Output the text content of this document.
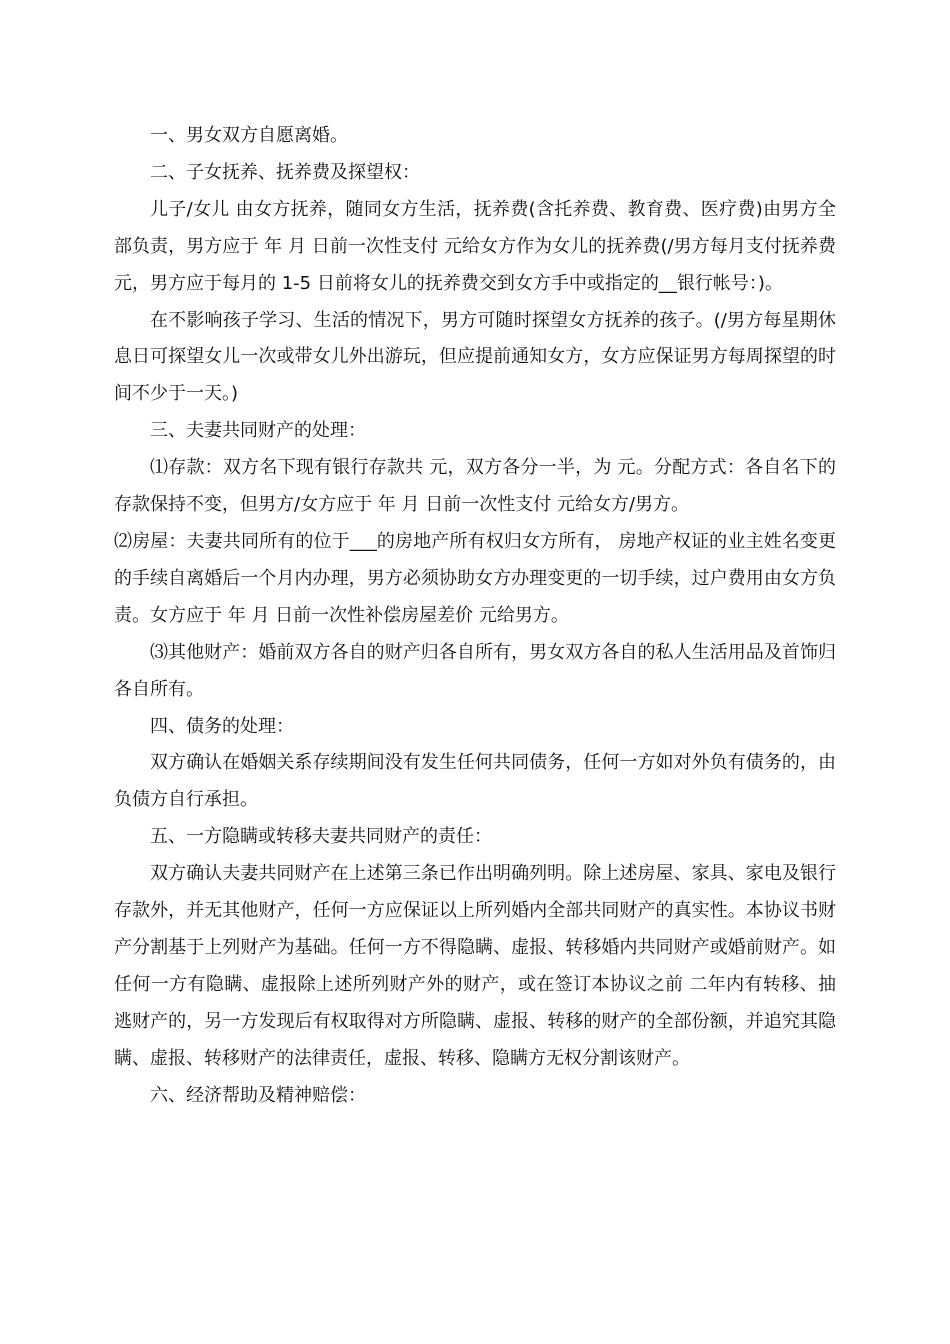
一、男女双方自愿离婚。

二、子女抚养、抚养费及探望权：

儿子/女儿 由女方抚养，随同女方生活，抚养费(含托养费、教育费、医疗费)由男方全部负责，男方应于 年 月 日前一次性支付 元给女方作为女儿的抚养费(/男方每月支付抚养费 元，男方应于每月的 1-5 日前将女儿的抚养费交到女方手中或指定的__银行帐号：)。

在不影响孩子学习、生活的情况下，男方可随时探望女方抚养的孩子。(/男方每星期休息日可探望女儿一次或带女儿外出游玩，但应提前通知女方，女方应保证男方每周探望的时间不少于一天。)

三、夫妻共同财产的处理：

⑴存款：双方名下现有银行存款共 元，双方各分一半，为 元。分配方式：各自名下的存款保持不变，但男方/女方应于 年 月 日前一次性支付 元给女方/男方。

⑵房屋：夫妻共同所有的位于___的房地产所有权归女方所有， 房地产权证的业主姓名变更的手续自离婚后一个月内办理，男方必须协助女方办理变更的一切手续，过户费用由女方负责。女方应于 年 月 日前一次性补偿房屋差价 元给男方。

⑶其他财产：婚前双方各自的财产归各自所有，男女双方各自的私人生活用品及首饰归各自所有。

四、债务的处理：

双方确认在婚姻关系存续期间没有发生任何共同债务，任何一方如对外负有债务的，由负债方自行承担。

五、一方隐瞒或转移夫妻共同财产的责任：

双方确认夫妻共同财产在上述第三条已作出明确列明。除上述房屋、家具、家电及银行存款外，并无其他财产，任何一方应保证以上所列婚内全部共同财产的真实性。本协议书财产分割基于上列财产为基础。任何一方不得隐瞒、虚报、转移婚内共同财产或婚前财产。如任何一方有隐瞒、虚报除上述所列财产外的财产，或在签订本协议之前 二年内有转移、抽逃财产的，另一方发现后有权取得对方所隐瞒、虚报、转移的财产的全部份额，并追究其隐瞒、虚报、转移财产的法律责任，虚报、转移、隐瞒方无权分割该财产。

六、经济帮助及精神赔偿：
